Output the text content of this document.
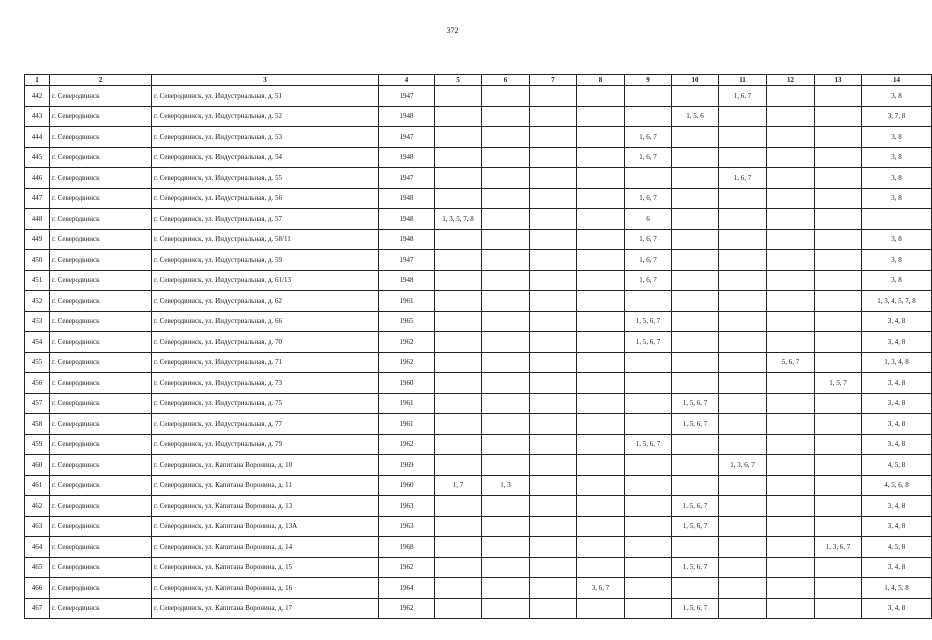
372
1	2	3	4	5	6	7	8	9	10	11	12	13	14
442	г. Северодвинск	г. Северодвинск, ул. Индустриальная, д. 51	1947							1, 6, 7			3, 8
443	г. Северодвинск	г. Северодвинск, ул. Индустриальная, д. 52	1948						1, 5, 6				3, 7, 8
444	г. Северодвинск	г. Северодвинск, ул. Индустриальная, д. 53	1947					1, 6, 7					3, 8
445	г. Северодвинск	г. Северодвинск, ул. Индустриальная, д. 54	1948					1, 6, 7					3, 8
446	г. Северодвинск	г. Северодвинск, ул. Индустриальная, д. 55	1947							1, 6, 7			3, 8
447	г. Северодвинск	г. Северодвинск, ул. Индустриальная, д. 56	1948					1, 6, 7					3, 8
448	г. Северодвинск	г. Северодвинск, ул. Индустриальная, д. 57	1948	1, 3, 5, 7, 8				6					
449	г. Северодвинск	г. Северодвинск, ул. Индустриальная, д. 58/11	1948					1, 6, 7					3, 8
450	г. Северодвинск	г. Северодвинск, ул. Индустриальная, д. 59	1947					1, 6, 7					3, 8
451	г. Северодвинск	г. Северодвинск, ул. Индустриальная, д. 61/13	1948					1, 6, 7					3, 8
452	г. Северодвинск	г. Северодвинск, ул. Индустриальная, д. 62	1961										1, 3, 4, 5, 7, 8
453	г. Северодвинск	г. Северодвинск, ул. Индустриальная, д. 66	1965					1, 5, 6, 7					3, 4, 8
454	г. Северодвинск	г. Северодвинск, ул. Индустриальная, д. 70	1962					1, 5, 6, 7					3, 4, 8
455	г. Северодвинск	г. Северодвинск, ул. Индустриальная, д. 71	1962								5, 6, 7		1, 3, 4, 8
456	г. Северодвинск	г. Северодвинск, ул. Индустриальная, д. 73	1960									1, 5, 7	3, 4, 8
457	г. Северодвинск	г. Северодвинск, ул. Индустриальная, д. 75	1961						1, 5, 6, 7				3, 4, 8
458	г. Северодвинск	г. Северодвинск, ул. Индустриальная, д. 77	1961						1, 5, 6, 7				3, 4, 8
459	г. Северодвинск	г. Северодвинск, ул. Индустриальная, д. 79	1962					1, 5, 6, 7					3, 4, 8
460	г. Северодвинск	г. Северодвинск, ул. Капитана Воронина, д. 10	1969							1, 3, 6, 7			4, 5, 8
461	г. Северодвинск	г. Северодвинск, ул. Капитана Воронина, д. 11	1960	1, 7	1, 3								4, 5, 6, 8
462	г. Северодвинск	г. Северодвинск, ул. Капитана Воронина, д. 13	1963						1, 5, 6, 7				3, 4, 8
463	г. Северодвинск	г. Северодвинск, ул. Капитана Воронина, д. 13А	1963						1, 5, 6, 7				3, 4, 8
464	г. Северодвинск	г. Северодвинск, ул. Капитана Воронина, д. 14	1968									1, 3, 6, 7	4, 5, 8
465	г. Северодвинск	г. Северодвинск, ул. Капитана Воронина, д. 15	1962						1, 5, 6, 7				3, 4, 8
466	г. Северодвинск	г. Северодвинск, ул. Капитана Воронина, д. 16	1964				3, 6, 7						1, 4, 5, 8
467	г. Северодвинск	г. Северодвинск, ул. Капитана Воронина, д. 17	1962						1, 5, 6, 7				3, 4, 8
